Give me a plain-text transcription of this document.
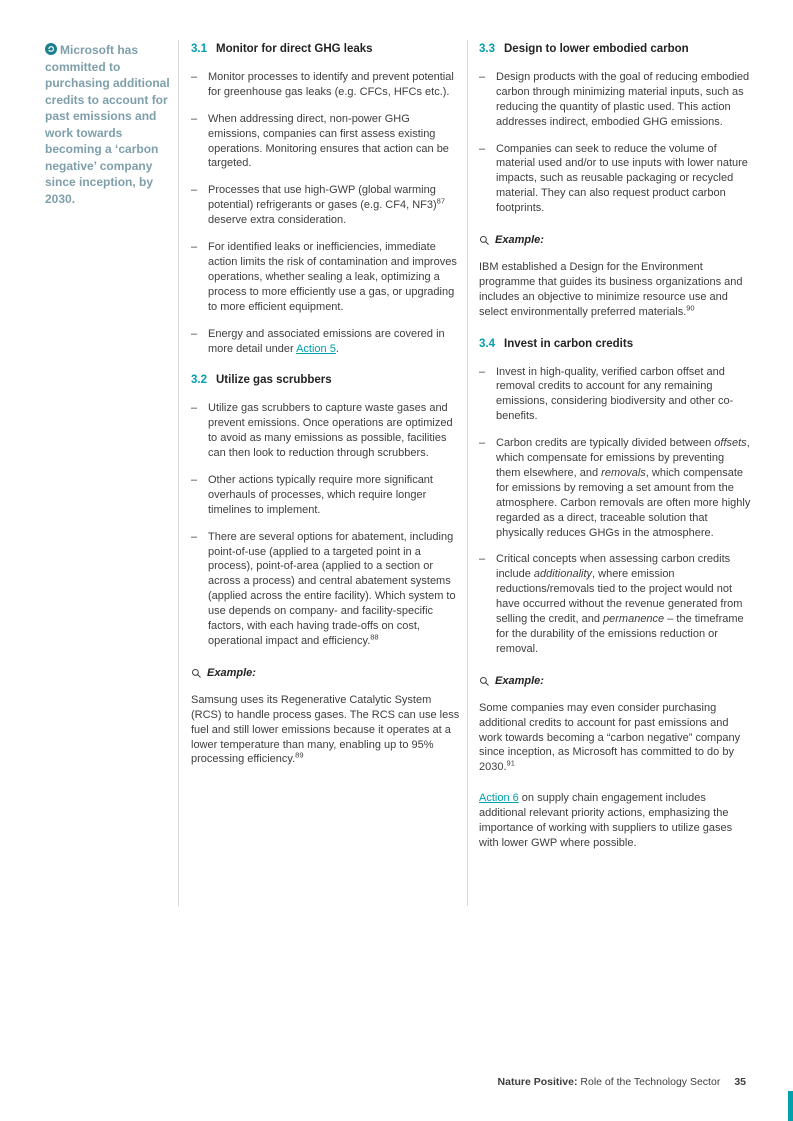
Microsoft has committed to purchasing additional credits to account for past emissions and work towards becoming a ‘carbon negative’ company since inception, by 2030.
3.1 Monitor for direct GHG leaks
– Monitor processes to identify and prevent potential for greenhouse gas leaks (e.g. CFCs, HFCs etc.).
– When addressing direct, non-power GHG emissions, companies can first assess existing operations. Monitoring ensures that action can be targeted.
– Processes that use high-GWP (global warming potential) refrigerants or gases (e.g. CF4, NF3)$^{87}$ deserve extra consideration.
– For identified leaks or inefficiencies, immediate action limits the risk of contamination and improves operations, whether sealing a leak, optimizing a process to more efficiently use a gas, or upgrading to more efficient equipment.
– Energy and associated emissions are covered in more detail under Action 5.
3.2 Utilize gas scrubbers
– Utilize gas scrubbers to capture waste gases and prevent emissions. Once operations are optimized to avoid as many emissions as possible, facilities can then look to reduction through scrubbers.
– Other actions typically require more significant overhauls of processes, which require longer timelines to implement.
– There are several options for abatement, including point-of-use (applied to a targeted point in a process), point-of-area (applied to a section or across a process) and central abatement systems (applied across the entire facility). Which system to use depends on company- and facility-specific factors, with each having trade-offs on cost, operational impact and efficiency.$^{88}$
Example:

Samsung uses its Regenerative Catalytic System (RCS) to handle process gases. The RCS can use less fuel and still lower emissions because it operates at a lower temperature than many, enabling up to 95% processing efficiency.$^{89}$

3.3 Design to lower embodied carbon
– Design products with the goal of reducing embodied carbon through minimizing material inputs, such as reducing the quantity of plastic used. This action addresses indirect, embodied GHG emissions.
– Companies can seek to reduce the volume of material used and/or to use inputs with lower nature impacts, such as reusable packaging or recycled material. They can also request product carbon footprints.
Example:

IBM established a Design for the Environment programme that guides its business organizations and includes an objective to minimize resource use and select environmentally preferred materials.$^{90}$

3.4 Invest in carbon credits
– Invest in high-quality, verified carbon offset and removal credits to account for any remaining emissions, considering biodiversity and other co-benefits.
– Carbon credits are typically divided between offsets, which compensate for emissions by preventing them elsewhere, and removals, which compensate for emissions by removing a set amount from the atmosphere. Carbon removals are often more highly regarded as a direct, traceable solution that physically reduces GHGs in the atmosphere.
– Critical concepts when assessing carbon credits include additionality, where emission reductions/removals tied to the project would not have occurred without the revenue generated from selling the credit, and permanence – the timeframe for the durability of the emissions reduction or removal.
Example:

Some companies may even consider purchasing additional credits to account for past emissions and work towards becoming a “carbon negative” company since inception, as Microsoft has committed to do by 2030.91

Action 6 on supply chain engagement includes additional relevant priority actions, emphasizing the importance of working with suppliers to utilize gases with lower GWP where possible.

Nature Positive: Role of the Technology Sector 35
